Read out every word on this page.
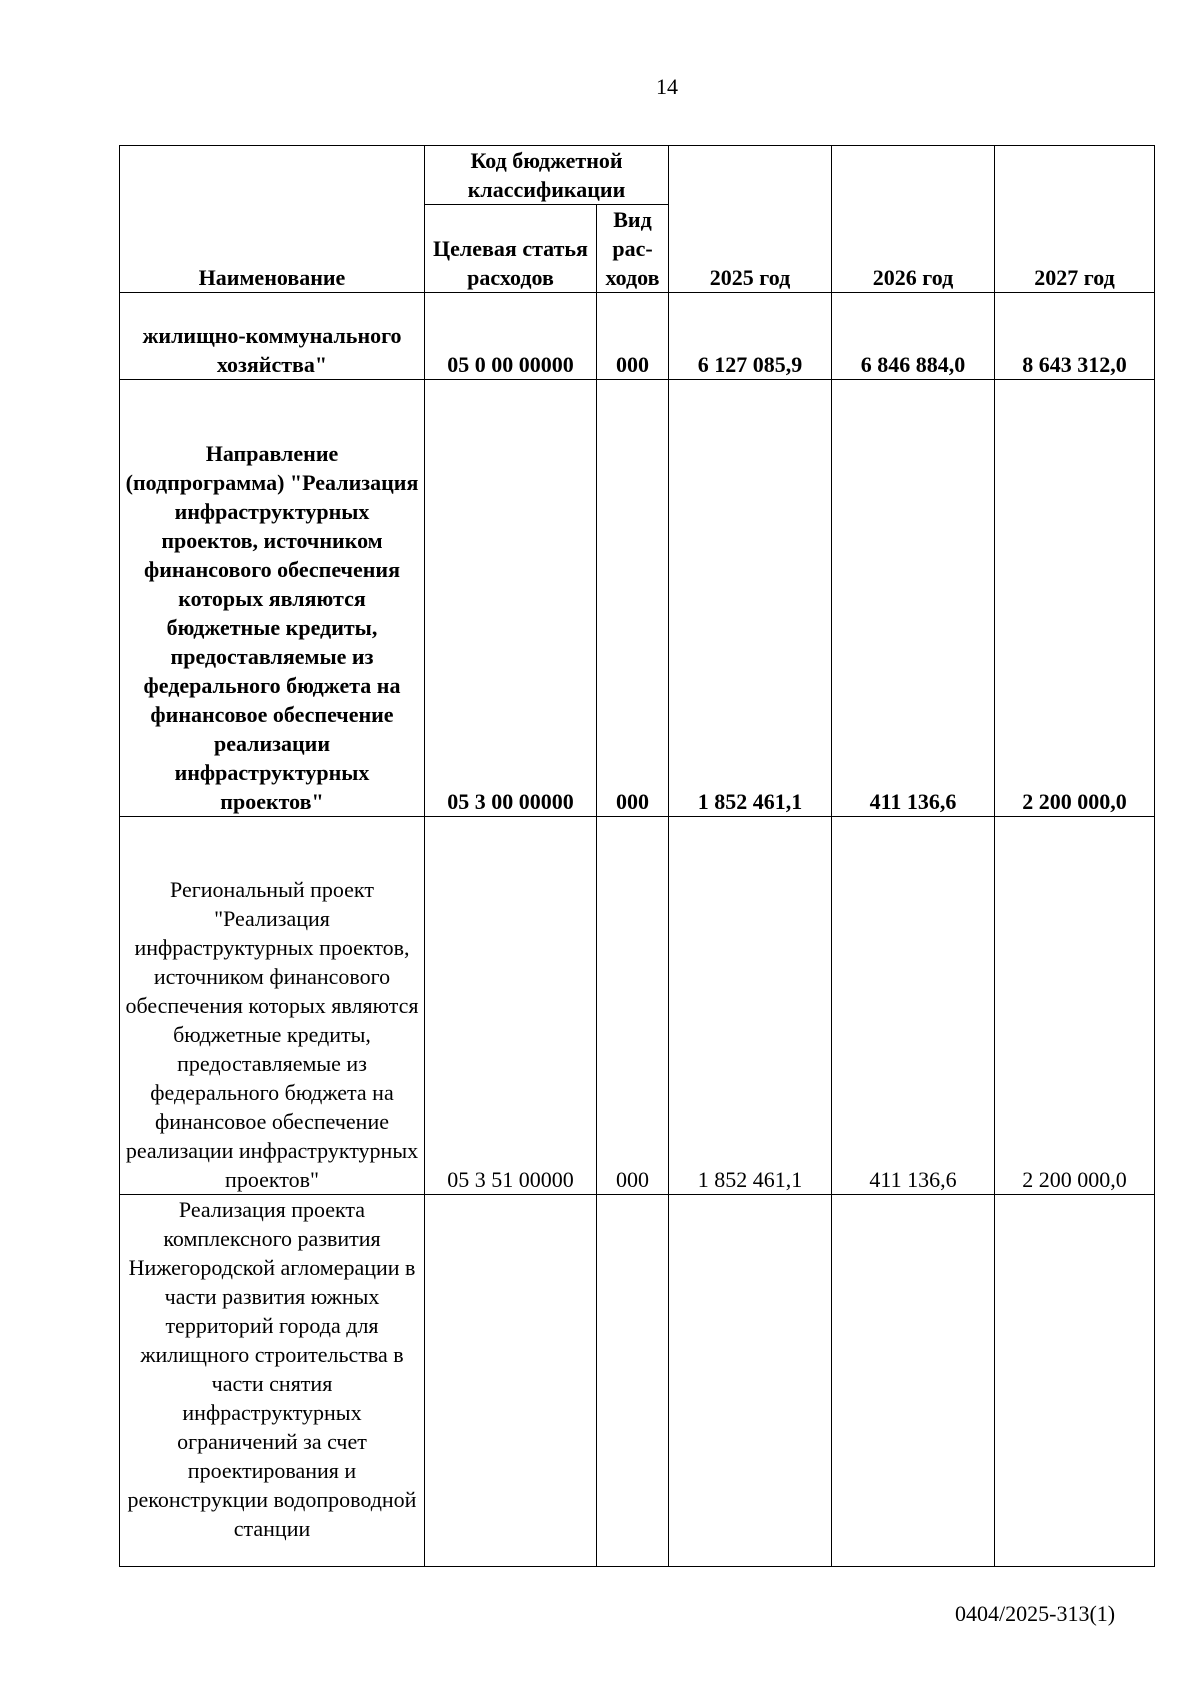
14
Наименование	Код бюджетной классификации		2025 год	2026 год	2027 год
	Целевая статья расходов	Вид рас-ходов			
жилищно-коммунального хозяйства"	05 0 00 00000	000	6 127 085,9	6 846 884,0	8 643 312,0
Направление (подпрограмма) "Реализация инфраструктурных проектов, источником финансового обеспечения которых являются бюджетные кредиты, предоставляемые из федерального бюджета на финансовое обеспечение реализации инфраструктурных проектов"	05 3 00 00000	000	1 852 461,1	411 136,6	2 200 000,0
Региональный проект "Реализация инфраструктурных проектов, источником финансового обеспечения которых являются бюджетные кредиты, предоставляемые из федерального бюджета на финансовое обеспечение реализации инфраструктурных проектов"	05 3 51 00000	000	1 852 461,1	411 136,6	2 200 000,0
Реализация проекта комплексного развития Нижегородской агломерации в части развития южных территорий города для жилищного строительства в части снятия инфраструктурных ограничений за счет проектирования и реконструкции водопроводной станции					
0404/2025-313(1)
